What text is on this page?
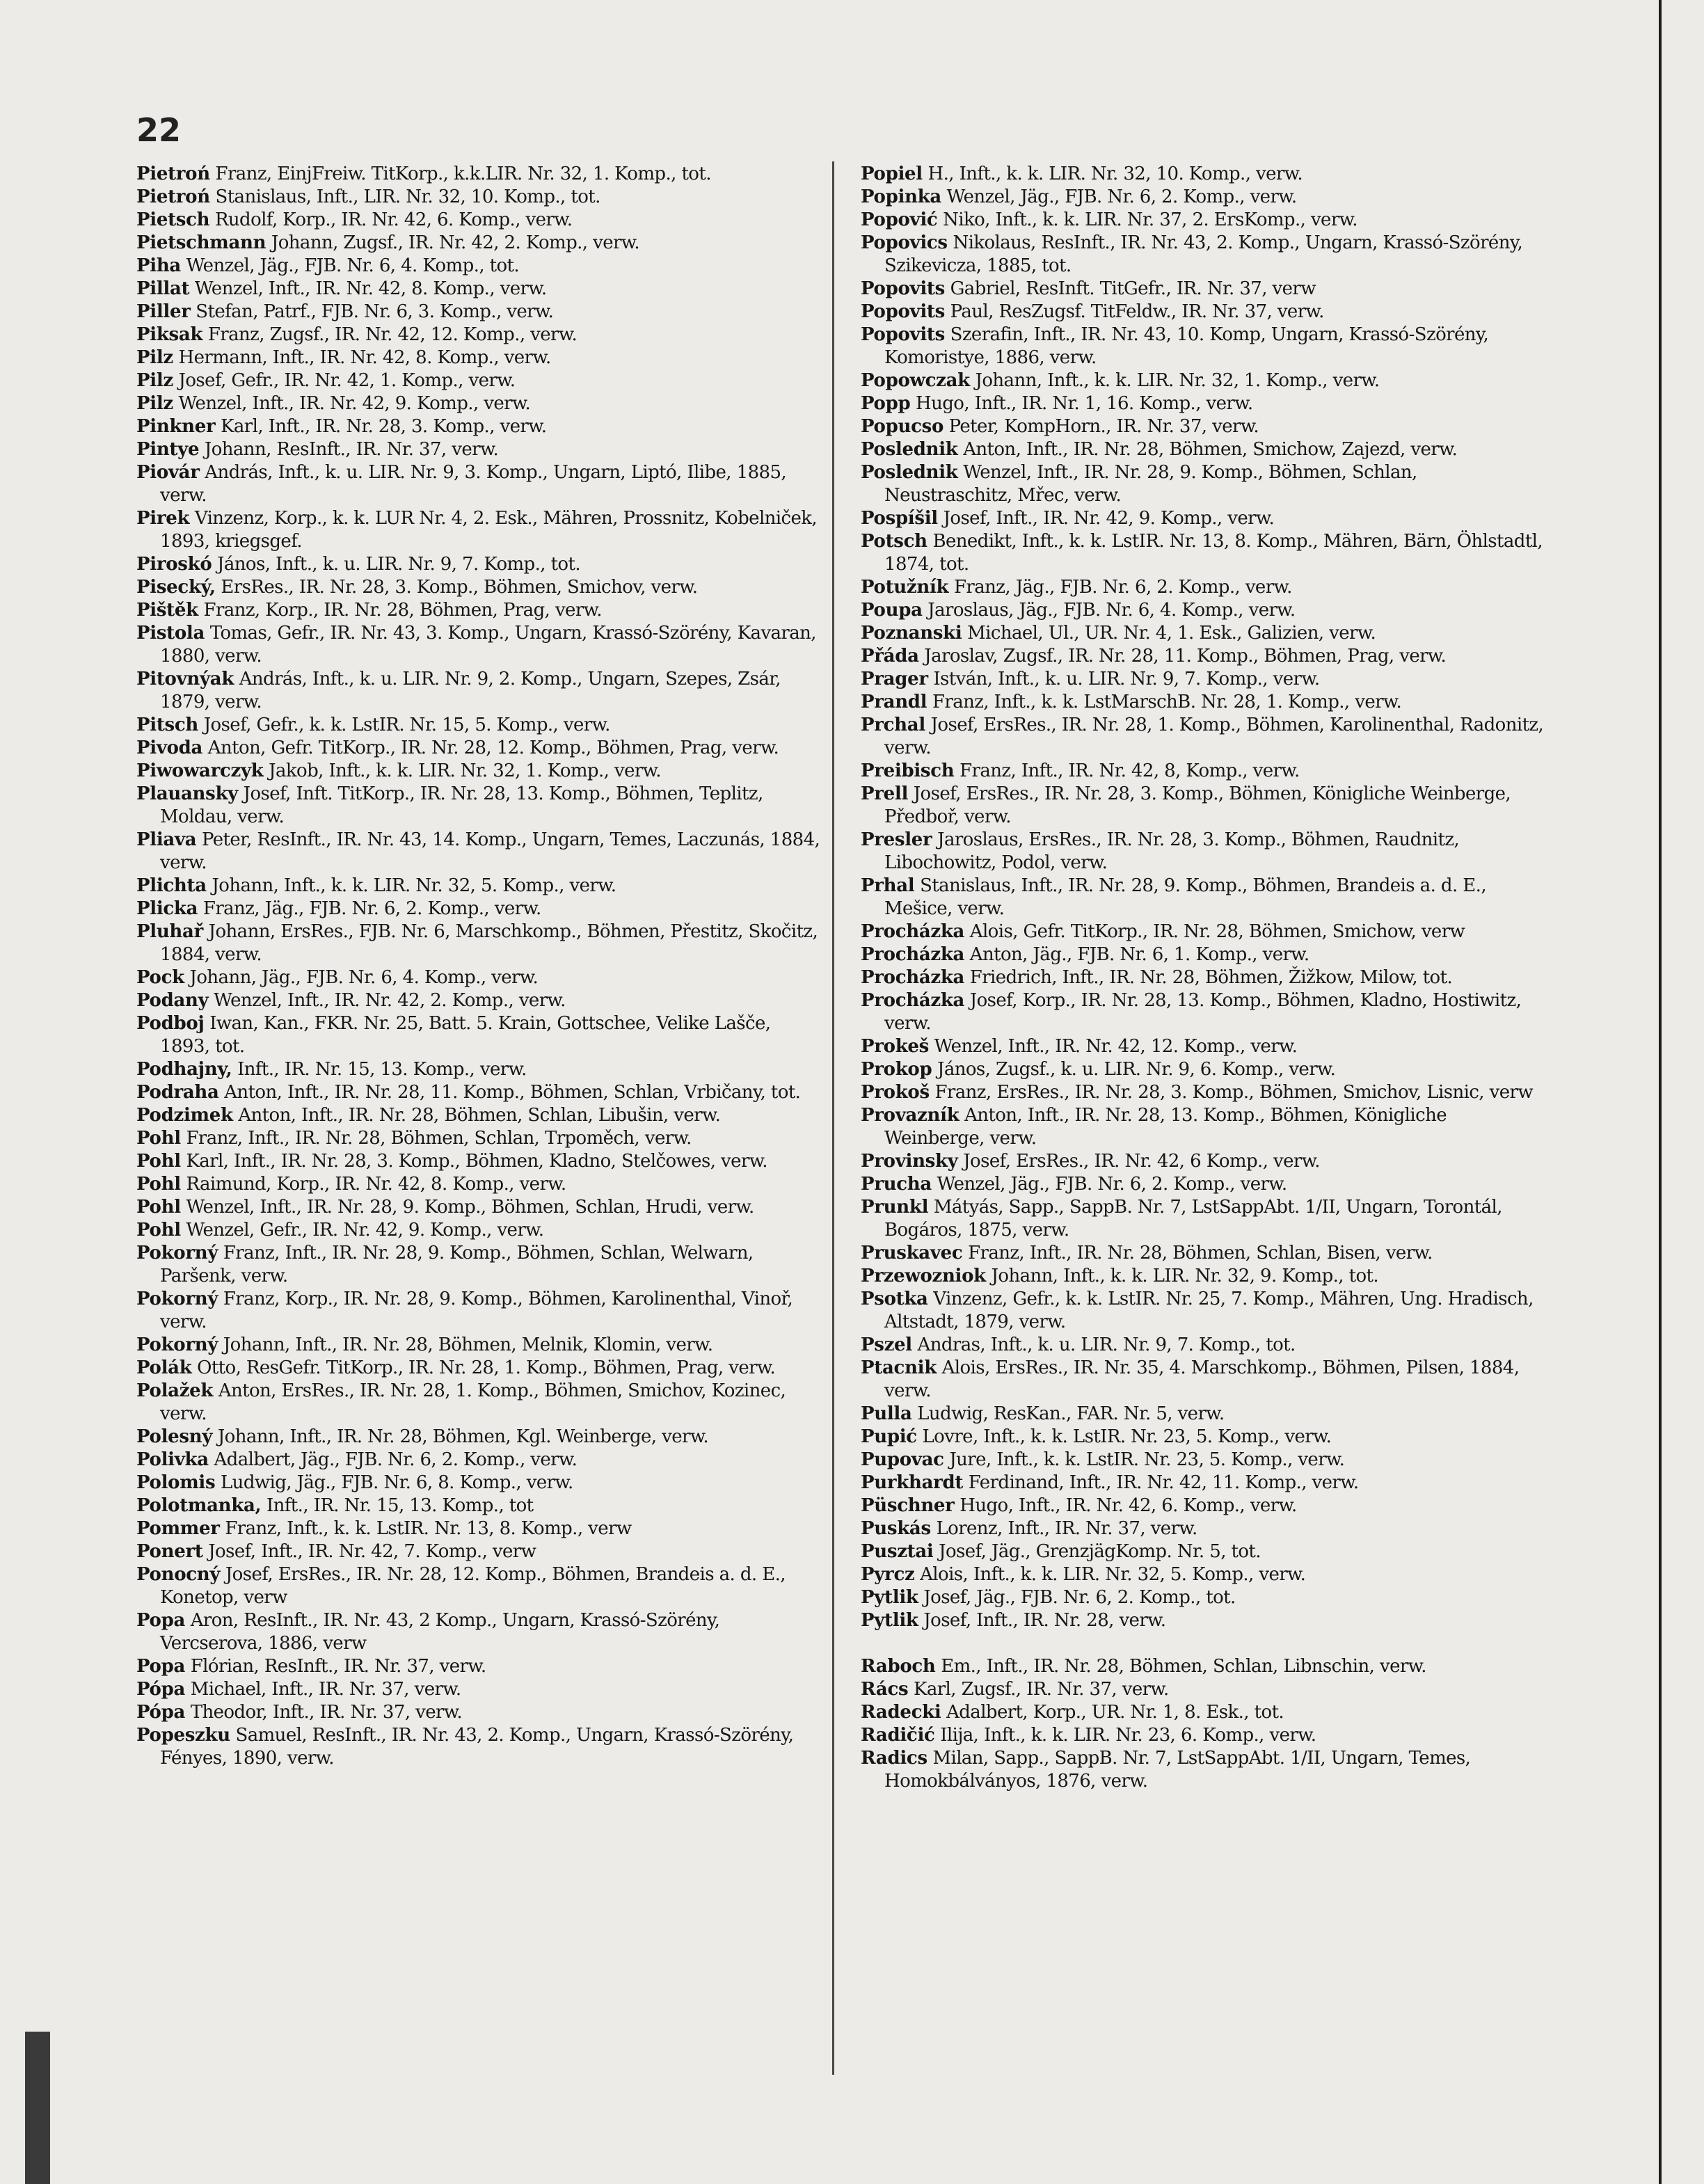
22
Pietroń Franz, EinjFreiw. TitKorp., k.k.LIR. Nr. 32, 1. Komp., tot.
Pietroń Stanislaus, Inft., LIR. Nr. 32, 10. Komp., tot.
Pietsch Rudolf, Korp., IR. Nr. 42, 6. Komp., verw.
Pietschmann Johann, Zugsf., IR. Nr. 42, 2. Komp., verw.
Piha Wenzel, Jäg., FJB. Nr. 6, 4. Komp., tot.
Pillat Wenzel, Inft., IR. Nr. 42, 8. Komp., verw.
Piller Stefan, Patrf., FJB. Nr. 6, 3. Komp., verw.
Piksak Franz, Zugsf., IR. Nr. 42, 12. Komp., verw.
Pilz Hermann, Inft., IR. Nr. 42, 8. Komp., verw.
Pilz Josef, Gefr., IR. Nr. 42, 1. Komp., verw.
Pilz Wenzel, Inft., IR. Nr. 42, 9. Komp., verw.
Pinkner Karl, Inft., IR. Nr. 28, 3. Komp., verw.
Pintye Johann, ResInft., IR. Nr. 37, verw.
Piovár András, Inft., k. u. LIR. Nr. 9, 3. Komp., Ungarn, Liptó, Ilibe, 1885, verw.
Pirek Vinzenz, Korp., k. k. LUR Nr. 4, 2. Esk., Mähren, Prossnitz, Kobelniček, 1893, kriegsgef.
Piroskó János, Inft., k. u. LIR. Nr. 9, 7. Komp., tot.
Pisecký, ErsRes., IR. Nr. 28, 3. Komp., Böhmen, Smichov, verw.
Pištěk Franz, Korp., IR. Nr. 28, Böhmen, Prag, verw.
Pistola Tomas, Gefr., IR. Nr. 43, 3. Komp., Ungarn, Krassó-Szörény, Kavaran, 1880, verw.
Pitovnýak András, Inft., k. u. LIR. Nr. 9, 2. Komp., Ungarn, Szepes, Zsár, 1879, verw.
Pitsch Josef, Gefr., k. k. LstIR. Nr. 15, 5. Komp., verw.
Pivoda Anton, Gefr. TitKorp., IR. Nr. 28, 12. Komp., Böhmen, Prag, verw.
Piwowarczyk Jakob, Inft., k. k. LIR. Nr. 32, 1. Komp., verw.
Plauansky Josef, Inft. TitKorp., IR. Nr. 28, 13. Komp., Böhmen, Teplitz, Moldau, verw.
Pliava Peter, ResInft., IR. Nr. 43, 14. Komp., Ungarn, Temes, Laczunás, 1884, verw.
Plichta Johann, Inft., k. k. LIR. Nr. 32, 5. Komp., verw.
Plicka Franz, Jäg., FJB. Nr. 6, 2. Komp., verw.
Pluhař Johann, ErsRes., FJB. Nr. 6, Marschkomp., Böhmen, Přestitz, Skočitz, 1884, verw.
Pock Johann, Jäg., FJB. Nr. 6, 4. Komp., verw.
Podany Wenzel, Inft., IR. Nr. 42, 2. Komp., verw.
Podboj Iwan, Kan., FKR. Nr. 25, Batt. 5. Krain, Gottschee, Velike Lašče, 1893, tot.
Podhajny, Inft., IR. Nr. 15, 13. Komp., verw.
Podraha Anton, Inft., IR. Nr. 28, 11. Komp., Böhmen, Schlan, Vrbičany, tot.
Podzimek Anton, Inft., IR. Nr. 28, Böhmen, Schlan, Libušin, verw.
Pohl Franz, Inft., IR. Nr. 28, Böhmen, Schlan, Trpoměch, verw.
Pohl Karl, Inft., IR. Nr. 28, 3. Komp., Böhmen, Kladno, Stelčowes, verw.
Pohl Raimund, Korp., IR. Nr. 42, 8. Komp., verw.
Pohl Wenzel, Inft., IR. Nr. 28, 9. Komp., Böhmen, Schlan, Hrudi, verw.
Pohl Wenzel, Gefr., IR. Nr. 42, 9. Komp., verw.
Pokorný Franz, Inft., IR. Nr. 28, 9. Komp., Böhmen, Schlan, Welwarn, Paršenk, verw.
Pokorný Franz, Korp., IR. Nr. 28, 9. Komp., Böhmen, Karolinenthal, Vinoř, verw.
Pokorný Johann, Inft., IR. Nr. 28, Böhmen, Melnik, Klomin, verw.
Polák Otto, ResGefr. TitKorp., IR. Nr. 28, 1. Komp., Böhmen, Prag, verw.
Polažek Anton, ErsRes., IR. Nr. 28, 1. Komp., Böhmen, Smichov, Kozinec, verw.
Polesný Johann, Inft., IR. Nr. 28, Böhmen, Kgl. Weinberge, verw.
Polivka Adalbert, Jäg., FJB. Nr. 6, 2. Komp., verw.
Polomis Ludwig, Jäg., FJB. Nr. 6, 8. Komp., verw.
Polotmanka, Inft., IR. Nr. 15, 13. Komp., tot
Pommer Franz, Inft., k. k. LstIR. Nr. 13, 8. Komp., verw
Ponert Josef, Inft., IR. Nr. 42, 7. Komp., verw
Ponocný Josef, ErsRes., IR. Nr. 28, 12. Komp., Böhmen, Brandeis a. d. E., Konetop, verw
Popa Aron, ResInft., IR. Nr. 43, 2 Komp., Ungarn, Krassó-Szörény, Vercserova, 1886, verw
Popa Flórian, ResInft., IR. Nr. 37, verw.
Pópa Michael, Inft., IR. Nr. 37, verw.
Pópa Theodor, Inft., IR. Nr. 37, verw.
Popeszku Samuel, ResInft., IR. Nr. 43, 2. Komp., Ungarn, Krassó-Szörény, Fényes, 1890, verw.
Popiel H., Inft., k. k. LIR. Nr. 32, 10. Komp., verw.
Popinka Wenzel, Jäg., FJB. Nr. 6, 2. Komp., verw.
Popović Niko, Inft., k. k. LIR. Nr. 37, 2. ErsKomp., verw.
Popovics Nikolaus, ResInft., IR. Nr. 43, 2. Komp., Ungarn, Krassó-Szörény, Szikevicza, 1885, tot.
Popovits Gabriel, ResInft. TitGefr., IR. Nr. 37, verw
Popovits Paul, ResZugsf. TitFeldw., IR. Nr. 37, verw.
Popovits Szerafin, Inft., IR. Nr. 43, 10. Komp, Ungarn, Krassó-Szörény, Komoristye, 1886, verw.
Popowczak Johann, Inft., k. k. LIR. Nr. 32, 1. Komp., verw.
Popp Hugo, Inft., IR. Nr. 1, 16. Komp., verw.
Popucso Peter, KompHorn., IR. Nr. 37, verw.
Poslednik Anton, Inft., IR. Nr. 28, Böhmen, Smichow, Zajezd, verw.
Poslednik Wenzel, Inft., IR. Nr. 28, 9. Komp., Böhmen, Schlan, Neustraschitz, Mřec, verw.
Pospíšil Josef, Inft., IR. Nr. 42, 9. Komp., verw.
Potsch Benedikt, Inft., k. k. LstIR. Nr. 13, 8. Komp., Mähren, Bärn, Öhlstadtl, 1874, tot.
Potužník Franz, Jäg., FJB. Nr. 6, 2. Komp., verw.
Poupa Jaroslaus, Jäg., FJB. Nr. 6, 4. Komp., verw.
Poznanski Michael, Ul., UR. Nr. 4, 1. Esk., Galizien, verw.
Přáda Jaroslav, Zugsf., IR. Nr. 28, 11. Komp., Böhmen, Prag, verw.
Prager István, Inft., k. u. LIR. Nr. 9, 7. Komp., verw.
Prandl Franz, Inft., k. k. LstMarschB. Nr. 28, 1. Komp., verw.
Prchal Josef, ErsRes., IR. Nr. 28, 1. Komp., Böhmen, Karolinenthal, Radonitz, verw.
Preibisch Franz, Inft., IR. Nr. 42, 8, Komp., verw.
Prell Josef, ErsRes., IR. Nr. 28, 3. Komp., Böhmen, Königliche Weinberge, Předboř, verw.
Presler Jaroslaus, ErsRes., IR. Nr. 28, 3. Komp., Böhmen, Raudnitz, Libochowitz, Podol, verw.
Prhal Stanislaus, Inft., IR. Nr. 28, 9. Komp., Böhmen, Brandeis a. d. E., Mešice, verw.
Procházka Alois, Gefr. TitKorp., IR. Nr. 28, Böhmen, Smichow, verw
Procházka Anton, Jäg., FJB. Nr. 6, 1. Komp., verw.
Procházka Friedrich, Inft., IR. Nr. 28, Böhmen, Žižkow, Milow, tot.
Procházka Josef, Korp., IR. Nr. 28, 13. Komp., Böhmen, Kladno, Hostiwitz, verw.
Prokeš Wenzel, Inft., IR. Nr. 42, 12. Komp., verw.
Prokop János, Zugsf., k. u. LIR. Nr. 9, 6. Komp., verw.
Prokoš Franz, ErsRes., IR. Nr. 28, 3. Komp., Böhmen, Smichov, Lisnic, verw
Provazník Anton, Inft., IR. Nr. 28, 13. Komp., Böhmen, Königliche Weinberge, verw.
Provinsky Josef, ErsRes., IR. Nr. 42, 6 Komp., verw.
Prucha Wenzel, Jäg., FJB. Nr. 6, 2. Komp., verw.
Prunkl Mátyás, Sapp., SappB. Nr. 7, LstSappAbt. 1/II, Ungarn, Torontál, Bogáros, 1875, verw.
Pruskavec Franz, Inft., IR. Nr. 28, Böhmen, Schlan, Bisen, verw.
Przewozniok Johann, Inft., k. k. LIR. Nr. 32, 9. Komp., tot.
Psotka Vinzenz, Gefr., k. k. LstIR. Nr. 25, 7. Komp., Mähren, Ung. Hradisch, Altstadt, 1879, verw.
Pszel Andras, Inft., k. u. LIR. Nr. 9, 7. Komp., tot.
Ptacnik Alois, ErsRes., IR. Nr. 35, 4. Marschkomp., Böhmen, Pilsen, 1884, verw.
Pulla Ludwig, ResKan., FAR. Nr. 5, verw.
Pupić Lovre, Inft., k. k. LstIR. Nr. 23, 5. Komp., verw.
Pupovac Jure, Inft., k. k. LstIR. Nr. 23, 5. Komp., verw.
Purkhardt Ferdinand, Inft., IR. Nr. 42, 11. Komp., verw.
Püschner Hugo, Inft., IR. Nr. 42, 6. Komp., verw.
Puskás Lorenz, Inft., IR. Nr. 37, verw.
Pusztai Josef, Jäg., GrenzjägKomp. Nr. 5, tot.
Pyrcz Alois, Inft., k. k. LIR. Nr. 32, 5. Komp., verw.
Pytlik Josef, Jäg., FJB. Nr. 6, 2. Komp., tot.
Pytlik Josef, Inft., IR. Nr. 28, verw.
Raboch Em., Inft., IR. Nr. 28, Böhmen, Schlan, Libnschin, verw.
Rács Karl, Zugsf., IR. Nr. 37, verw.
Radecki Adalbert, Korp., UR. Nr. 1, 8. Esk., tot.
Radičić Ilija, Inft., k. k. LIR. Nr. 23, 6. Komp., verw.
Radics Milan, Sapp., SappB. Nr. 7, LstSappAbt. 1/II, Ungarn, Temes, Homokbálványos, 1876, verw.
